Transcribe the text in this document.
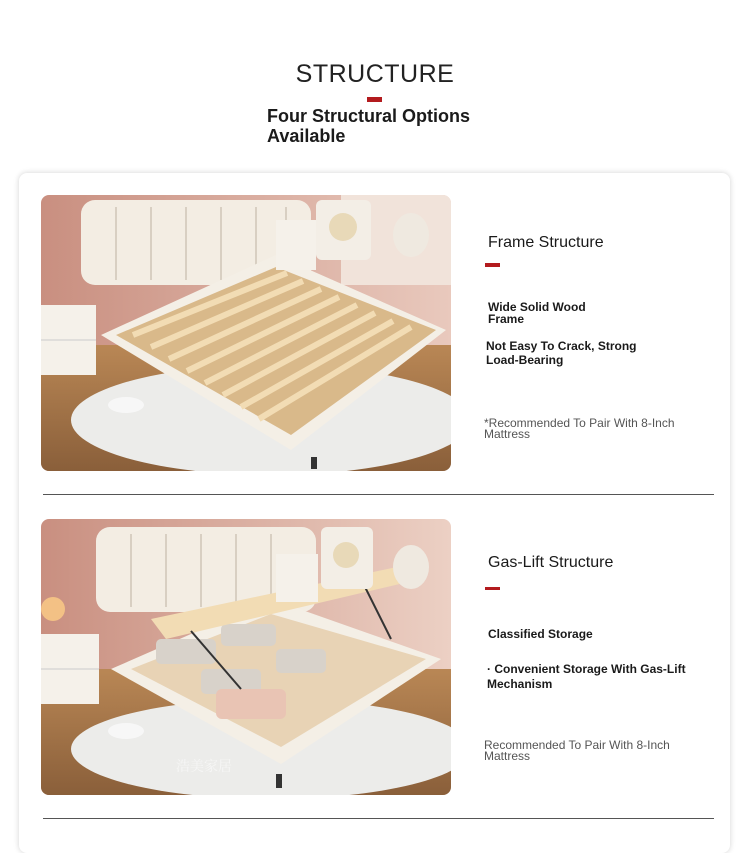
STRUCTURE
Four Structural Options Available
Frame Structure
Wide Solid Wood Frame
Not Easy To Crack, Strong Load-Bearing
*Recommended To Pair With 8-Inch Mattress
浩美家居
Gas-Lift Structure
Classified Storage
· Convenient Storage With Gas-Lift Mechanism
Recommended To Pair With 8-Inch Mattress
